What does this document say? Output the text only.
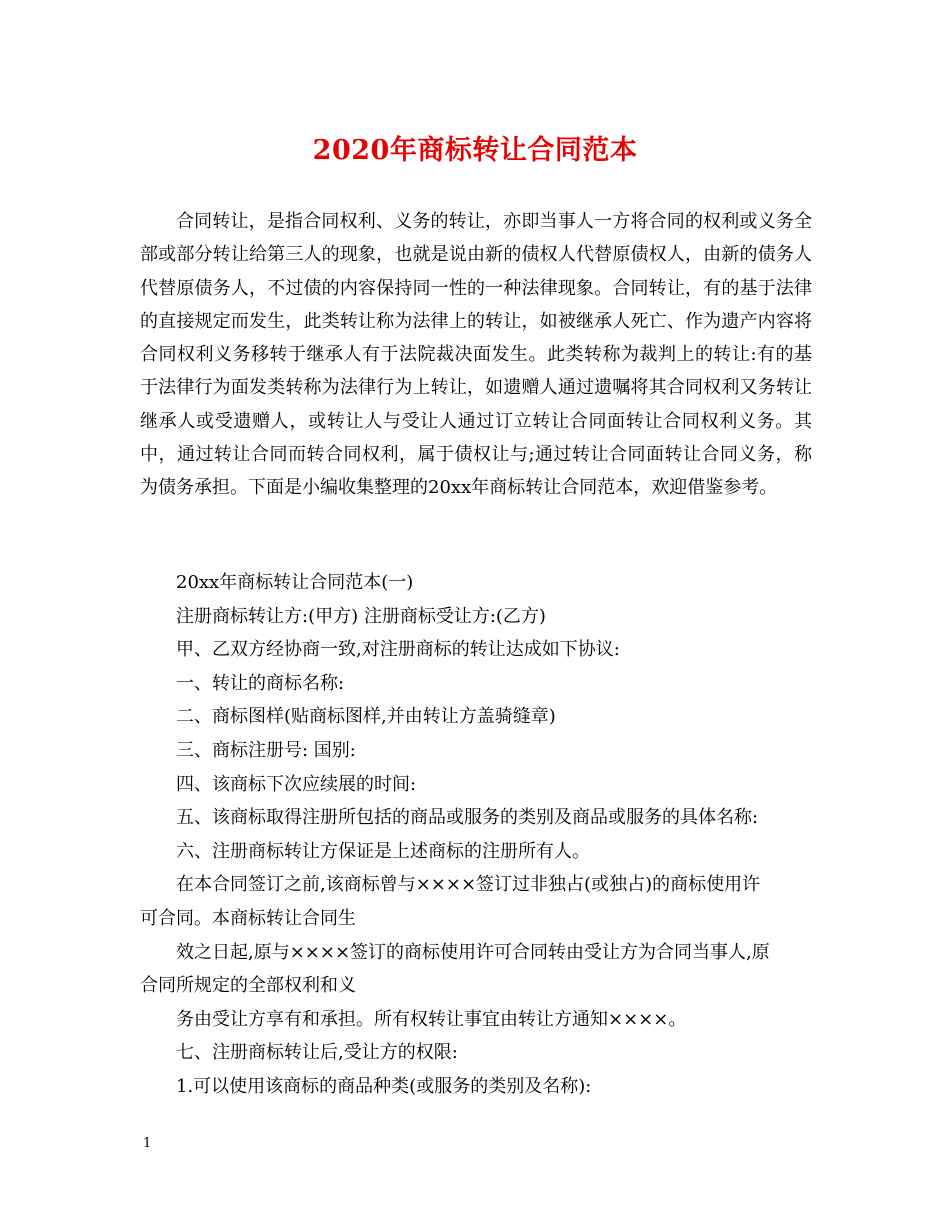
2020年商标转让合同范本

合同转让，是指合同权利、义务的转让，亦即当事人一方将合同的权利或义务全部或部分转让给第三人的现象，也就是说由新的债权人代替原债权人，由新的债务人代替原债务人，不过债的内容保持同一性的一种法律现象。合同转让，有的基于法律的直接规定而发生，此类转让称为法律上的转让，如被继承人死亡、作为遗产内容将合同权利义务移转于继承人有于法院裁决面发生。此类转称为裁判上的转让:有的基于法律行为面发类转称为法律行为上转让，如遗赠人通过遗嘱将其合同权利又务转让继承人或受遗赠人，或转让人与受让人通过订立转让合同面转让合同权利义务。其中，通过转让合同而转合同权利，属于债权让与;通过转让合同面转让合同义务，称为债务承担。下面是小编收集整理的20xx年商标转让合同范本，欢迎借鉴参考。

20xx年商标转让合同范本(一)
注册商标转让方:(甲方) 注册商标受让方:(乙方)
甲、乙双方经协商一致,对注册商标的转让达成如下协议:
一、转让的商标名称:
二、商标图样(贴商标图样,并由转让方盖骑缝章)
三、商标注册号: 国别:
四、该商标下次应续展的时间:
五、该商标取得注册所包括的商品或服务的类别及商品或服务的具体名称:
六、注册商标转让方保证是上述商标的注册所有人。
在本合同签订之前,该商标曾与××××签订过非独占(或独占)的商标使用许
可合同。本商标转让合同生
效之日起,原与××××签订的商标使用许可合同转由受让方为合同当事人,原
合同所规定的全部权利和义
务由受让方享有和承担。所有权转让事宜由转让方通知××××。
七、注册商标转让后,受让方的权限:
1.可以使用该商标的商品种类(或服务的类别及名称):
1
